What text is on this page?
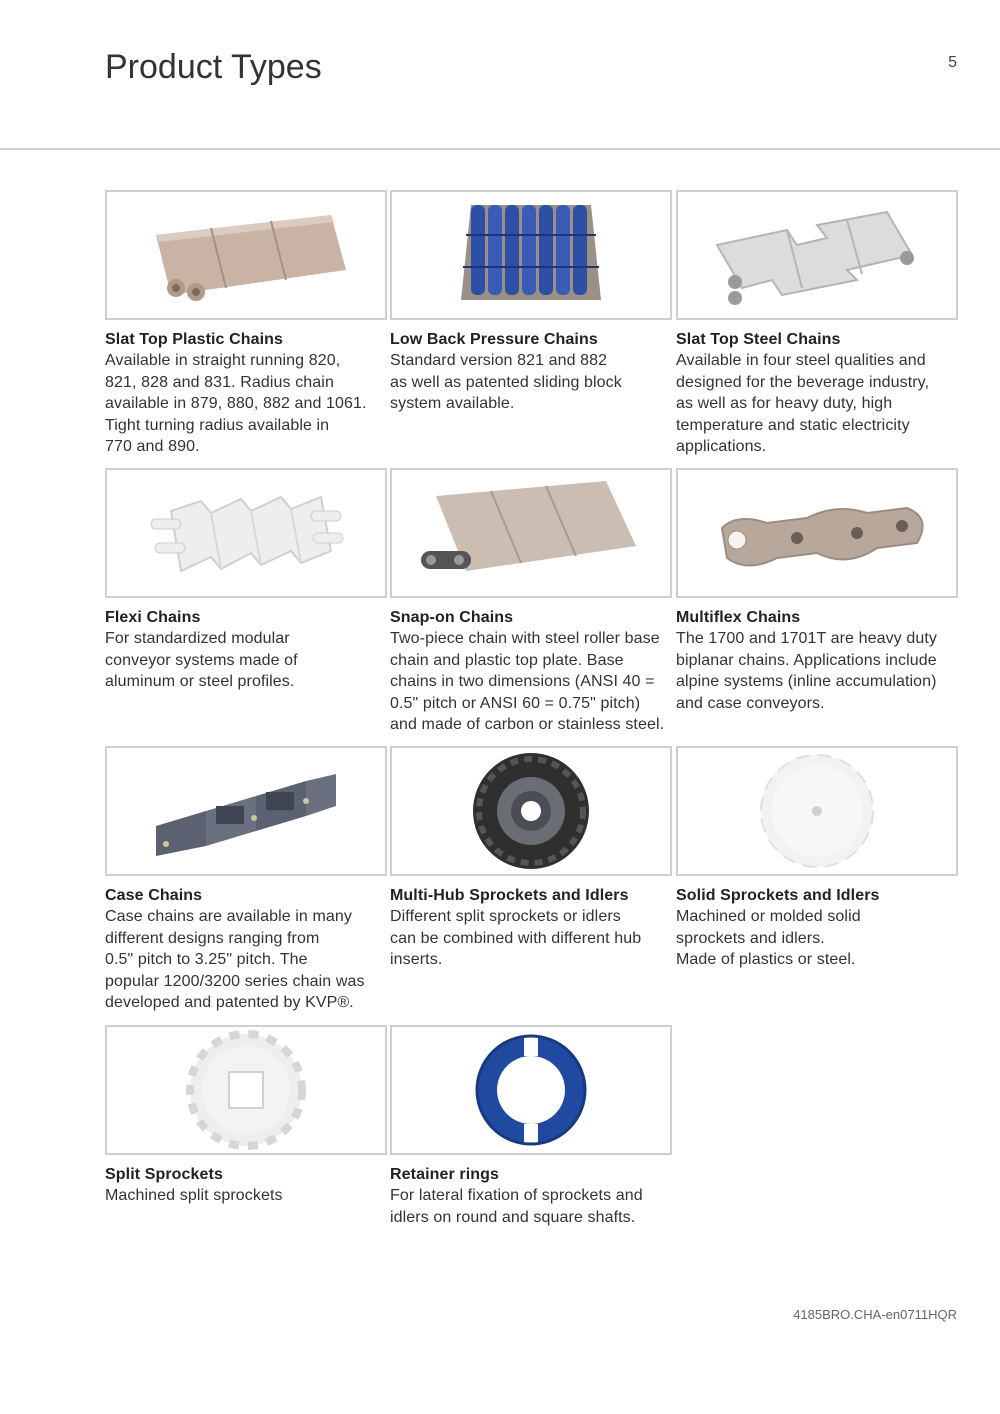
Product Types	5
Slat Top Plastic Chains
Available in straight running 820,
821, 828 and 831. Radius chain
available in 879, 880, 882 and 1061.
Tight turning radius available in
770 and 890.
Low Back Pressure Chains
Standard version 821 and 882
as well as patented sliding block
system available.
Slat Top Steel Chains
Available in four steel qualities and
designed for the beverage industry,
as well as for heavy duty, high
temperature and static electricity
applications.
Flexi Chains
For standardized modular
conveyor systems made of
aluminum or steel profiles.
Snap-on Chains
Two-piece chain with steel roller base
chain and plastic top plate. Base
chains in two dimensions (ANSI 40 =
0.5" pitch or ANSI 60 = 0.75" pitch)
and made of carbon or stainless steel.
Multiflex Chains
The 1700 and 1701T are heavy duty
biplanar chains. Applications include
alpine systems (inline accumulation)
and case conveyors.
Case Chains
Case chains are available in many
different designs ranging from
0.5" pitch to 3.25" pitch. The
popular 1200/3200 series chain was
developed and patented by KVP®.
Multi-Hub Sprockets and Idlers
Different split sprockets or idlers
can be combined with different hub
inserts.
Solid Sprockets and Idlers
Machined or molded solid
sprockets and idlers.
Made of plastics or steel.
Split Sprockets
Machined split sprockets
Retainer rings
For lateral fixation of sprockets and
idlers on round and square shafts.
4185BRO.CHA-en0711HQR
